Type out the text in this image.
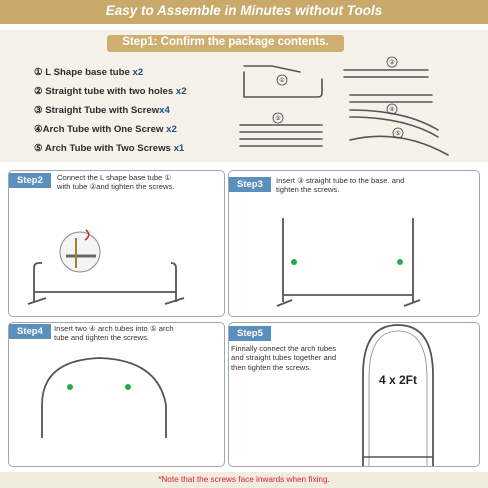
Easy to Assemble in Minutes without Tools
Step1: Confirm the package contents.
① L Shape base tube x2
② Straight tube with two holes x2
③ Straight Tube with Screwx4
④Arch Tube with One Screw x2
⑤ Arch Tube with Two Screws x1
Step2	Step3
Step4	Step5
Connect the L shape base tube ①
with tube ②and tighten the screws.
Insert ③ straight tube to the base. and
tighten the screws.
Insert two ④ arch tubes into ⑤ arch
tube and tighten the screws.
Finnally connect the arch tubes
and straight tubes together and
then tighten the screws.
①
②
③
④
⑤
4 x 2Ft
*Note that the screws face inwards when fixing.
